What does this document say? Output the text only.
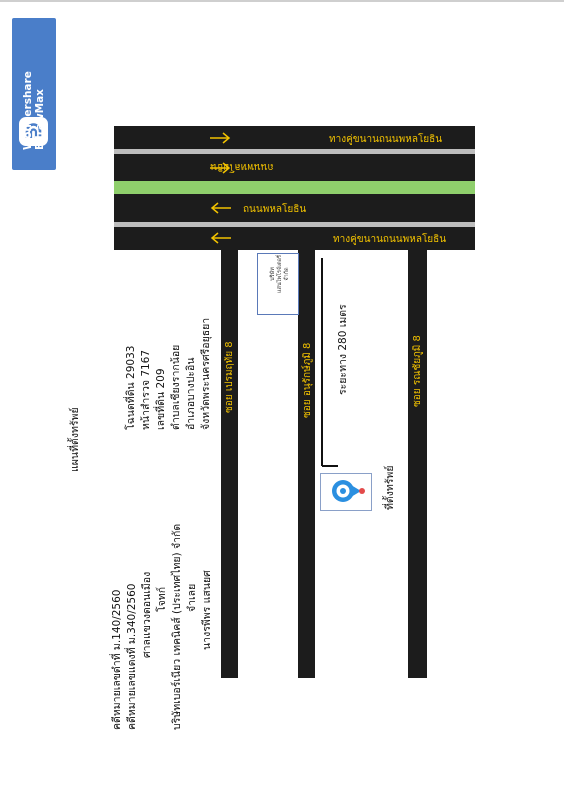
Wondershare EdrawMax	ทางคู่ขนานถนนพหลโยธิน
ถนนพหลโยธิน
ถนนพหลโยธิน
ทางคู่ขนานถนนพหลโยธิน
ซอย เปรมฤทัย 8	ซอย อนุรักษ์ภูมิ 8	ซอย รณชัยภูมิ 8
บริษัท แสนไพโรจ์เตอรี่ จำกัด
ระยะทาง 280 เมตร
ที่ตั้งทรัพย์
โฉนดที่ดิน 29033 หน้าสำรวจ 7167 เลขที่ดิน 209 ตำบลเชียงรากน้อย อำเภอบางปะอิน จังหวัดพระนครศรีอยุธยา
แผนที่ตั้งทรัพย์
คดีหมายเลขดำที่ ม.140/2560 คดีหมายเลขแดงที่ ม.340/2560 ศาลแขวงดอนเมือง โจทก์ บริษัทเบอร์เนียว เทคนิคส์ (ประเทศไทย) จำกัด จำเลย นางรพีพร แสนยศ
